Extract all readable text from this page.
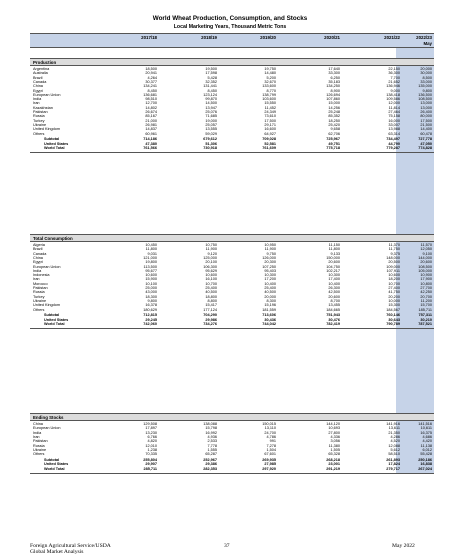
World Wheat Production, Consumption, and Stocks
Local Marketing Years, Thousand Metric Tons
2017/18	2018/19	2019/20	2020/21	2021/22	2022/23
May
Argentina	18,500	19,500	19,750	17,640	22,150	20,000
Australia	20,941	17,598	14,480	33,300	36,300	30,000
Brazil	4,264	5,428	5,200	6,250	7,700	8,500
Canada	30,377	32,352	32,670	35,183	21,652	33,000
China	134,241	131,441	133,600	134,250	136,946	135,000
Egypt	8,450	8,450	8,770	8,900	9,000	9,800
European Union	136,681	123,124	138,799	126,694	138,418	136,500
India	98,510	99,870	103,600	107,860	109,586	108,500
Iran	12,700	14,500	15,550	15,000	12,000	13,000
Kazakhstan	14,802	13,947	11,452	14,256	11,814	13,000
Pakistan	26,674	25,076	24,349	25,248	27,464	26,400
Russia	85,167	71,685	73,610	85,352	75,158	80,000
Turkey	21,000	19,000	17,500	18,250	16,000	17,500
Ukraine	26,981	25,057	29,171	25,420	33,007	21,500
United Kingdom	14,837	13,555	16,600	9,658	13,988	14,400
Others	60,961	59,029	64,927	62,706	63,314	60,478
Subtotal	714,186	679,612	709,028	725,967	734,497	727,778
United States	47,380	51,306	52,581	49,751	44,790	47,050
World Total	761,566	730,918	761,609	775,718	779,287	774,828
Algeria	10,450	10,750	10,950	11,150	11,370	11,570
Brazil	11,800	11,900	11,900	11,800	11,750	12,050
Canada	9,031	9,120	9,750	9,133	9,375	9,100
China	121,000	125,000	126,000	150,000	148,000	144,000
Egypt	19,800	20,100	20,300	20,600	20,500	20,600
European Union	113,500	106,300	107,250	104,750	109,000	108,500
India	95,677	95,629	95,403	102,217	107,911	105,000
Indonesia	10,600	10,600	10,300	10,300	10,600	10,900
Iran	15,900	16,100	17,200	17,400	18,200	17,900
Morocco	10,100	10,700	10,400	10,400	10,700	10,800
Pakistan	25,000	25,400	25,400	26,300	27,400	27,700
Russia	43,000	40,500	40,500	42,500	41,750	42,250
Turkey	18,300	18,800	20,000	20,600	20,200	20,700
Ukraine	9,800	8,800	8,300	8,700	10,000	11,200
United Kingdom	16,378	15,417	15,196	13,455	15,300	15,700
Others	180,629	177,124	181,559	184,665	184,567	185,711
Subtotal	712,815	704,290	713,606	751,943	760,146	757,311
United States	29,245	29,986	30,436	30,476	30,643	30,210
World Total	742,060	734,276	744,042	782,419	790,789	787,521
China	129,508	138,088	150,015	144,120	141,916	141,516
European Union	17,897	15,798	13,110	10,693	13,611	10,611
India	13,230	16,992	24,700	27,800	21,350	16,375
Iran	6,766	4,936	4,786	4,336	4,286	4,686
Pakistan	4,820	2,533	991	3,056	4,520	4,420
Russia	12,010	7,778	7,278	11,380	12,088	11,138
Ukraine	1,238	1,555	1,504	1,505	5,612	6,012
Others	70,335	65,287	67,601	65,328	58,510	55,428
Subtotal	255,804	252,967	269,935	268,218	261,893	250,186
United States	29,907	29,386	27,985	23,001	17,824	16,838
World Total	285,711	282,353	297,920	291,219	279,717	267,024
Foreign Agricultural Service/USDA
Global Market Analysis
37	May 2022
Production
Total Consumption
Ending Stocks
